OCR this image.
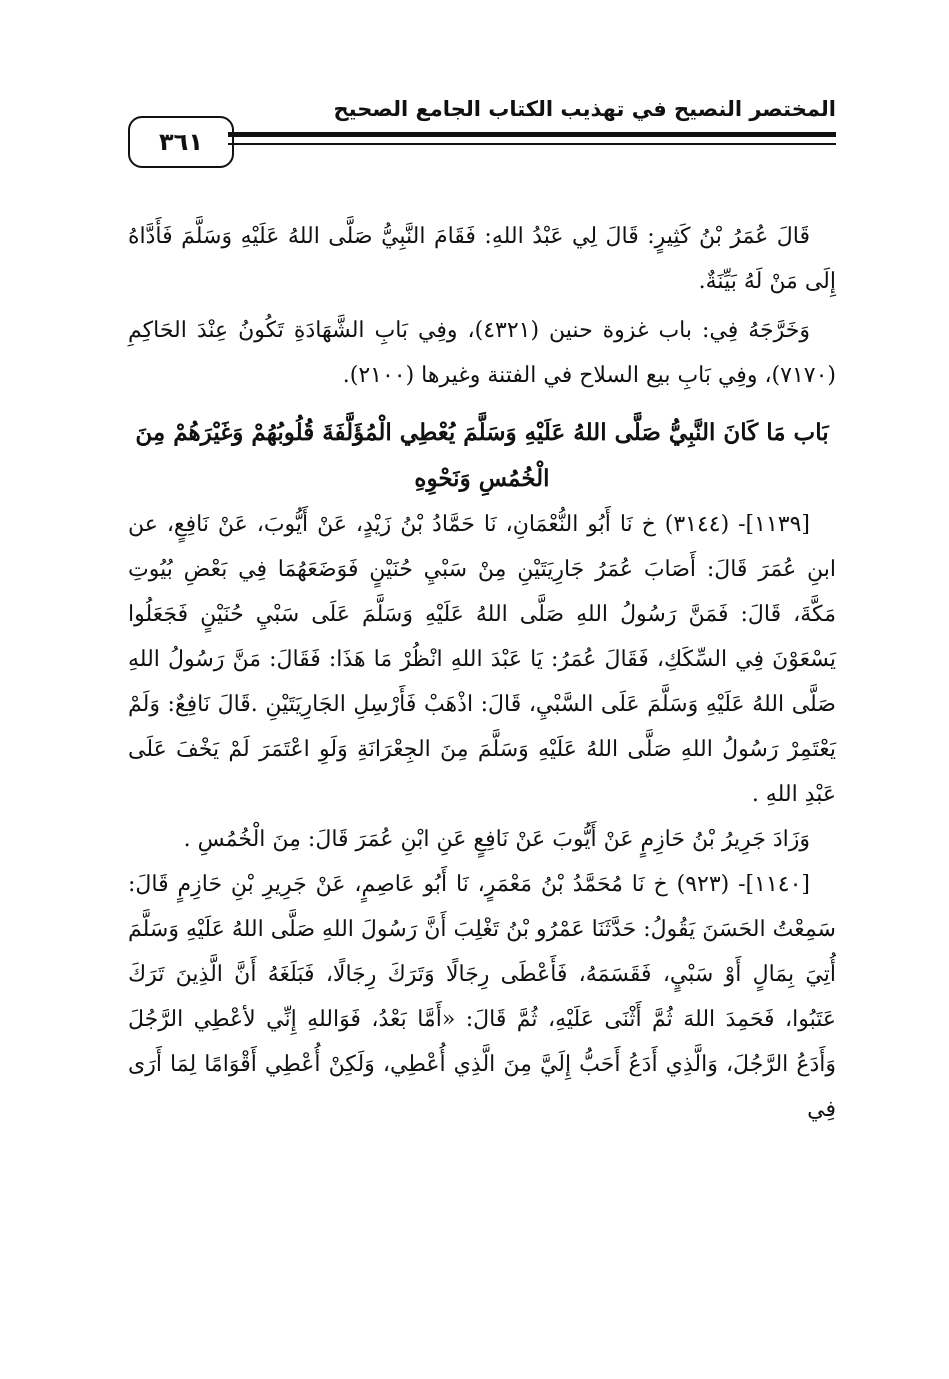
المختصر النصيح في تهذيب الكتاب الجامع الصحيح
٣٦١

قَالَ عُمَرُ بْنُ كَثِيرٍ: قَالَ لِي عَبْدُ اللهِ: فَقَامَ النَّبِيُّ صَلَّى اللهُ عَلَيْهِ وَسَلَّمَ فَأَدَّاهُ إِلَى مَنْ لَهُ بَيِّنَةٌ.

وَخَرَّجَهُ فِي: باب غزوة حنين (٤٣٢١)، وفِي بَابِ الشَّهَادَةِ تَكُونُ عِنْدَ الحَاكِمِ (٧١٧٠)، وفِي بَابِ بيع السلاح في الفتنة وغيرها (٢١٠٠).

بَاب مَا كَانَ النَّبِيُّ صَلَّى اللهُ عَلَيْهِ وَسَلَّمَ يُعْطِي الْمُؤَلَّفَةَ قُلُوبُهُمْ وَغَيْرَهُمْ مِنَ الْخُمُسِ وَنَحْوِهِ

[١١٣٩]- (٣١٤٤) خ نَا أَبُو النُّعْمَانِ، نَا حَمَّادُ بْنُ زَيْدٍ، عَنْ أَيُّوبَ، عَنْ نَافِعٍ، عن ابنِ عُمَرَ قَالَ: أَصَابَ عُمَرُ جَارِيَتَيْنِ مِنْ سَبْيِ حُنَيْنٍ فَوَضَعَهُمَا فِي بَعْضِ بُيُوتِ مَكَّةَ، قَالَ: فَمَنَّ رَسُولُ اللهِ صَلَّى اللهُ عَلَيْهِ وَسَلَّمَ عَلَى سَبْيِ حُنَيْنٍ فَجَعَلُوا يَسْعَوْنَ فِي السِّكَكِ، فَقَالَ عُمَرُ: يَا عَبْدَ اللهِ انْظُرْ مَا هَذَا: فَقَالَ: مَنَّ رَسُولُ اللهِ صَلَّى اللهُ عَلَيْهِ وَسَلَّمَ عَلَى السَّبْيِ، قَالَ: اذْهَبْ فَأَرْسِلِ الجَارِيَتَيْنِ .قَالَ نَافِعٌ: وَلَمْ يَعْتَمِرْ رَسُولُ اللهِ صَلَّى اللهُ عَلَيْهِ وَسَلَّمَ مِنَ الجِعْرَانَةِ وَلَوِ اعْتَمَرَ لَمْ يَخْفَ عَلَى عَبْدِ اللهِ .

وَزَادَ جَرِيرُ بْنُ حَازِمٍ عَنْ أَيُّوبَ عَنْ نَافِعٍ عَنِ ابْنِ عُمَرَ قَالَ: مِنَ الْخُمُسِ .

[١١٤٠]- (٩٢٣) خ نَا مُحَمَّدُ بْنُ مَعْمَرٍ، نَا أَبُو عَاصِمٍ، عَنْ جَرِيرِ بْنِ حَازِمٍ قَالَ: سَمِعْتُ الحَسَنَ يَقُولُ: حَدَّثَنَا عَمْرُو بْنُ تَغْلِبَ أَنَّ رَسُولَ اللهِ صَلَّى اللهُ عَلَيْهِ وَسَلَّمَ أُتِيَ بِمَالٍ أَوْ سَبْيٍ، فَقَسَمَهُ، فَأَعْطَى رِجَالًا وَتَرَكَ رِجَالًا، فَبَلَغَهُ أَنَّ الَّذِينَ تَرَكَ عَتَبُوا، فَحَمِدَ اللهَ ثُمَّ أَثْنَى عَلَيْهِ، ثُمَّ قَالَ: «أَمَّا بَعْدُ، فَوَاللهِ إِنِّي لأعْطِي الرَّجُلَ وَأَدَعُ الرَّجُلَ، وَالَّذِي أَدَعُ أَحَبُّ إِلَيَّ مِنَ الَّذِي أُعْطِي، وَلَكِنْ أُعْطِي أَقْوَامًا لِمَا أَرَى فِي
